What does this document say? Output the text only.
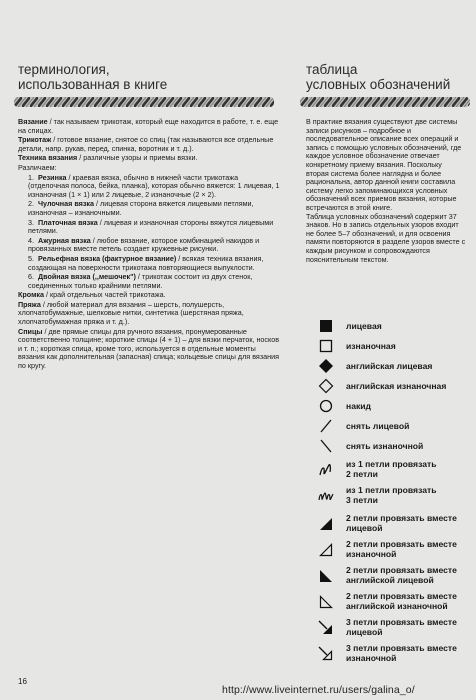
терминология,
использованная в книге
таблица
условных обозначений
Вязание / так называем трикотаж, который еще находится в работе, т. е. еще на спицах.
Трикотаж / готовое вязание, снятое со спиц (так называются все отдельные детали, напр. рукав, перед, спинка, воротник и т. д.).
Техника вязания / различные узоры и приемы вязки.
Различаем:
1. Резинка / краевая вязка, обычно в нижней части трикотажа (отделочная полоса, бейка, планка), которая обычно вяжется: 1 лицевая, 1 изнаночная (1 × 1) или 2 лицевые, 2 изнаночные (2 × 2).
2. Чулочная вязка / лицевая сторона вяжется лицевыми петлями, изнаночная – изнаночными.
3. Платочная вязка / лицевая и изнаночная стороны вяжутся лицевыми петлями.
4. Ажурная вязка / любое вязание, которое комбинацией накидов и провязанных вместе петель создает кружевные рисунки.
5. Рельефная вязка (фактурное вязание) / всякая техника вязания, создающая на поверхности трикотажа повторяющиеся выпуклости.
6. Двойная вязка (,,мешочек") / трикотаж состоит из двух стенок, соединенных только крайними петлями.
Кромка / край отдельных частей трикотажа.
Пряжа / любой материал для вязания – шерсть, полушерсть, хлопчатобумажные, шелковые нитки, синтетика (шерстяная пряжа, хлопчатобумажная пряжа и т. д.).
Спицы / две прямые спицы для ручного вязания, пронумерованные соответственно толщине; короткие спицы (4 + 1) – для вязки перчаток, носков и т. п.; короткая спица, кроме того, используется в отдельные моменты вязания как дополнительная (запасная) спица; кольцевые спицы для вязания по кругу.

В практике вязания существуют две системы записи рисунков – подробное и последовательное описание всех операций и запись с помощью условных обозначений, где каждое условное обозначение отвечает конкретному приему вязания. Поскольку вторая система более наглядна и более рациональна, автор данной книги составила систему легко запоминающихся условных обозначений всех приемов вязания, которые встречаются в этой книге.

Таблица условных обозначений содержит 37 знаков. Но в запись отдельных узоров входит не более 5–7 обозначений, и для освоения памяти повторяются в разделе узоров вместе с каждым рисунком и сопровождаются пояснительным текстом.

лицевая
изнаночная
английская лицевая
английская изнаночная
накид
снять лицевой
снять изнаночной
из 1 петли провязать
2 петли
из 1 петли провязать
3 петли
2 петли провязать вместе
лицевой
2 петли провязать вместе
изнаночной
2 петли провязать вместе
английской лицевой
2 петли провязать вместе
английской изнаночной
3 петли провязать вместе
лицевой
3 петли провязать вместе
изнаночной
16
http://www.liveinternet.ru/users/galina_o/
